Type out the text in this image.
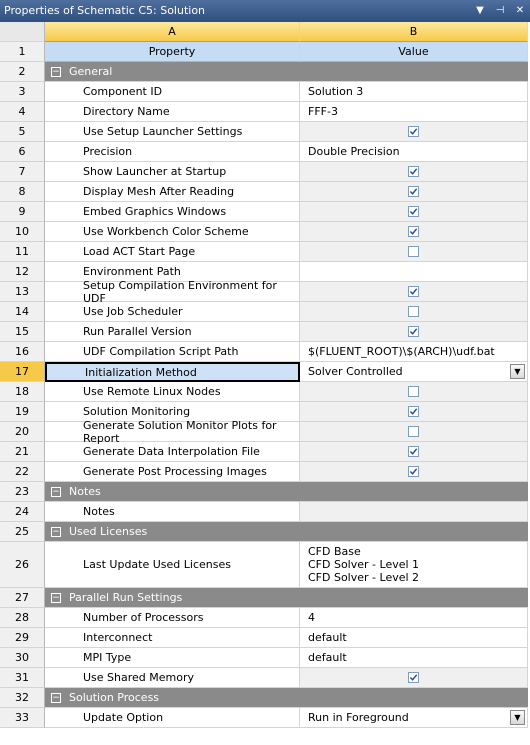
Properties of Schematic C5: Solution	▼ ⊣ ✕
A	B
1	Property	Value
2	− General
3	Component ID	Solution 3
4	Directory Name	FFF-3
5	Use Setup Launcher Settings
6	Precision	Double Precision
7	Show Launcher at Startup
8	Display Mesh After Reading
9	Embed Graphics Windows
10	Use Workbench Color Scheme
11	Load ACT Start Page
12	Environment Path
13	Setup Compilation Environment for UDF
14	Use Job Scheduler
15	Run Parallel Version
16	UDF Compilation Script Path	$(FLUENT_ROOT)\$(ARCH)\udf.bat
17	Initialization Method	Solver Controlled	▼
18	Use Remote Linux Nodes
19	Solution Monitoring
20	Generate Solution Monitor Plots for Report
21	Generate Data Interpolation File
22	Generate Post Processing Images
23	− Notes
24	Notes
25	− Used Licenses
26	Last Update Used Licenses
CFD Base
CFD Solver - Level 1
CFD Solver - Level 2
27	− Parallel Run Settings
28	Number of Processors	4
29	Interconnect	default
30	MPI Type	default
31	Use Shared Memory
32	− Solution Process
33	Update Option	Run in Foreground	▼
